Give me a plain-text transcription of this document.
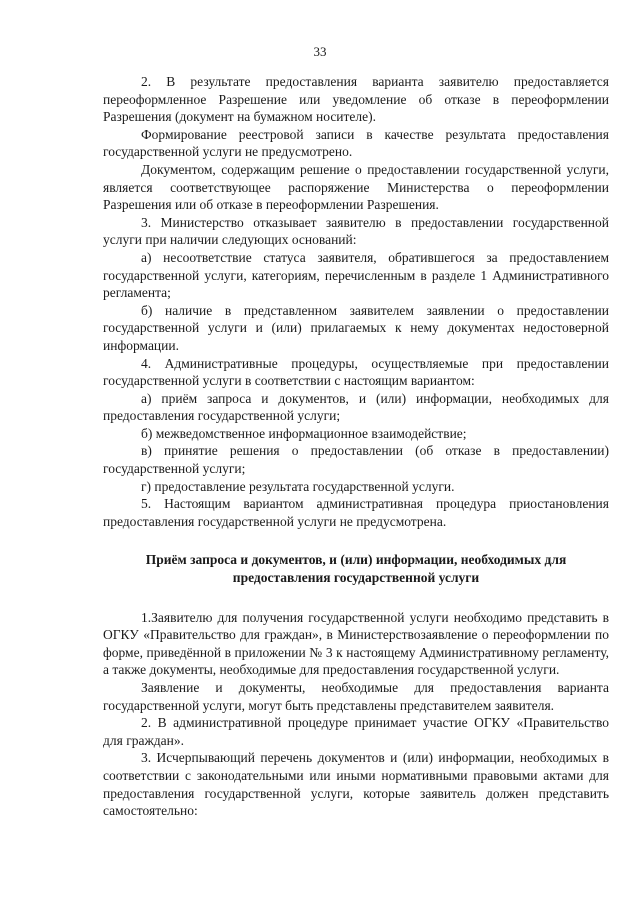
33

2. В результате предоставления варианта заявителю предоставляется переоформленное Разрешение или уведомление об отказе в переоформлении Разрешения (документ на бумажном носителе).

Формирование реестровой записи в качестве результата предоставления государственной услуги не предусмотрено.

Документом, содержащим решение о предоставлении государственной услуги, является соответствующее распоряжение Министерства о переоформлении Разрешения или об отказе в переоформлении Разрешения.

3. Министерство отказывает заявителю в предоставлении государственной услуги при наличии следующих оснований:

а) несоответствие статуса заявителя, обратившегося за предоставлением государственной услуги, категориям, перечисленным в разделе 1 Административного регламента;

б) наличие в представленном заявителем заявлении о предоставлении государственной услуги и (или) прилагаемых к нему документах недостоверной информации.

4. Административные процедуры, осуществляемые при предоставлении государственной услуги в соответствии с настоящим вариантом:

а) приём запроса и документов, и (или) информации, необходимых для предоставления государственной услуги;

б) межведомственное информационное взаимодействие;

в) принятие решения о предоставлении (об отказе в предоставлении) государственной услуги;

г) предоставление результата государственной услуги.

5. Настоящим вариантом административная процедура приостановления предоставления государственной услуги не предусмотрена.

Приём запроса и документов, и (или) информации, необходимых для
предоставления государственной услуги

1.Заявителю для получения государственной услуги необходимо представить в ОГКУ «Правительство для граждан», в Министерствозаявление о переоформлении по форме, приведённой в приложении № 3 к настоящему Административному регламенту, а также документы, необходимые для предоставления государственной услуги.

Заявление и документы, необходимые для предоставления варианта государственной услуги, могут быть представлены представителем заявителя.

2. В административной процедуре принимает участие ОГКУ «Правительство для граждан».

3. Исчерпывающий перечень документов и (или) информации, необходимых в соответствии с законодательными или иными нормативными правовыми актами для предоставления государственной услуги, которые заявитель должен представить самостоятельно:
